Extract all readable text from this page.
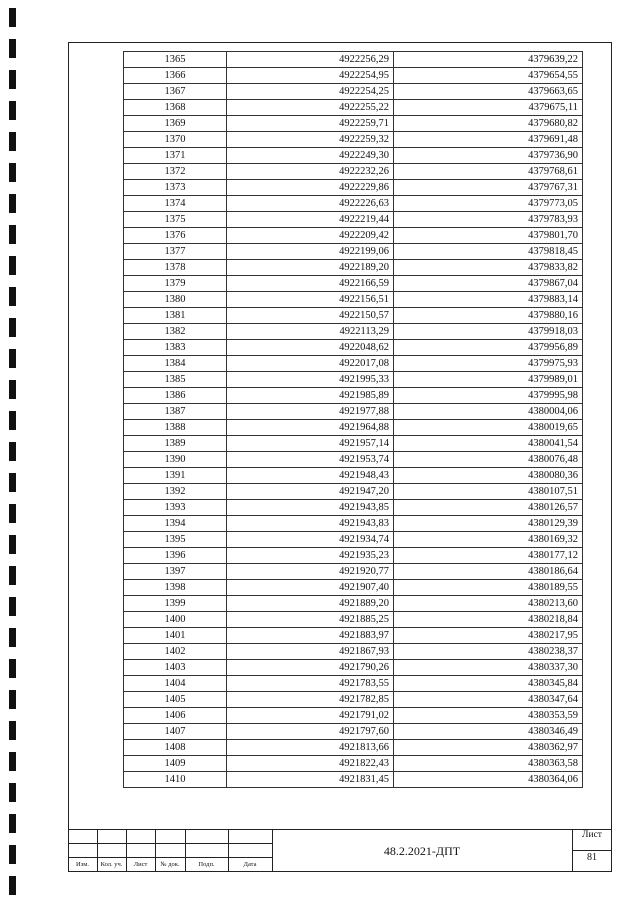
1365	4922256,29	4379639,22
1366	4922254,95	4379654,55
1367	4922254,25	4379663,65
1368	4922255,22	4379675,11
1369	4922259,71	4379680,82
1370	4922259,32	4379691,48
1371	4922249,30	4379736,90
1372	4922232,26	4379768,61
1373	4922229,86	4379767,31
1374	4922226,63	4379773,05
1375	4922219,44	4379783,93
1376	4922209,42	4379801,70
1377	4922199,06	4379818,45
1378	4922189,20	4379833,82
1379	4922166,59	4379867,04
1380	4922156,51	4379883,14
1381	4922150,57	4379880,16
1382	4922113,29	4379918,03
1383	4922048,62	4379956,89
1384	4922017,08	4379975,93
1385	4921995,33	4379989,01
1386	4921985,89	4379995,98
1387	4921977,88	4380004,06
1388	4921964,88	4380019,65
1389	4921957,14	4380041,54
1390	4921953,74	4380076,48
1391	4921948,43	4380080,36
1392	4921947,20	4380107,51
1393	4921943,85	4380126,57
1394	4921943,83	4380129,39
1395	4921934,74	4380169,32
1396	4921935,23	4380177,12
1397	4921920,77	4380186,64
1398	4921907,40	4380189,55
1399	4921889,20	4380213,60
1400	4921885,25	4380218,84
1401	4921883,97	4380217,95
1402	4921867,93	4380238,37
1403	4921790,26	4380337,30
1404	4921783,55	4380345,84
1405	4921782,85	4380347,64
1406	4921791,02	4380353,59
1407	4921797,60	4380346,49
1408	4921813,66	4380362,97
1409	4921822,43	4380363,58
1410	4921831,45	4380364,06
Изм.	Кол. уч.	Лист	№ док.	Подп.	Дата
48.2.2021-ДПТ
Лист
81
